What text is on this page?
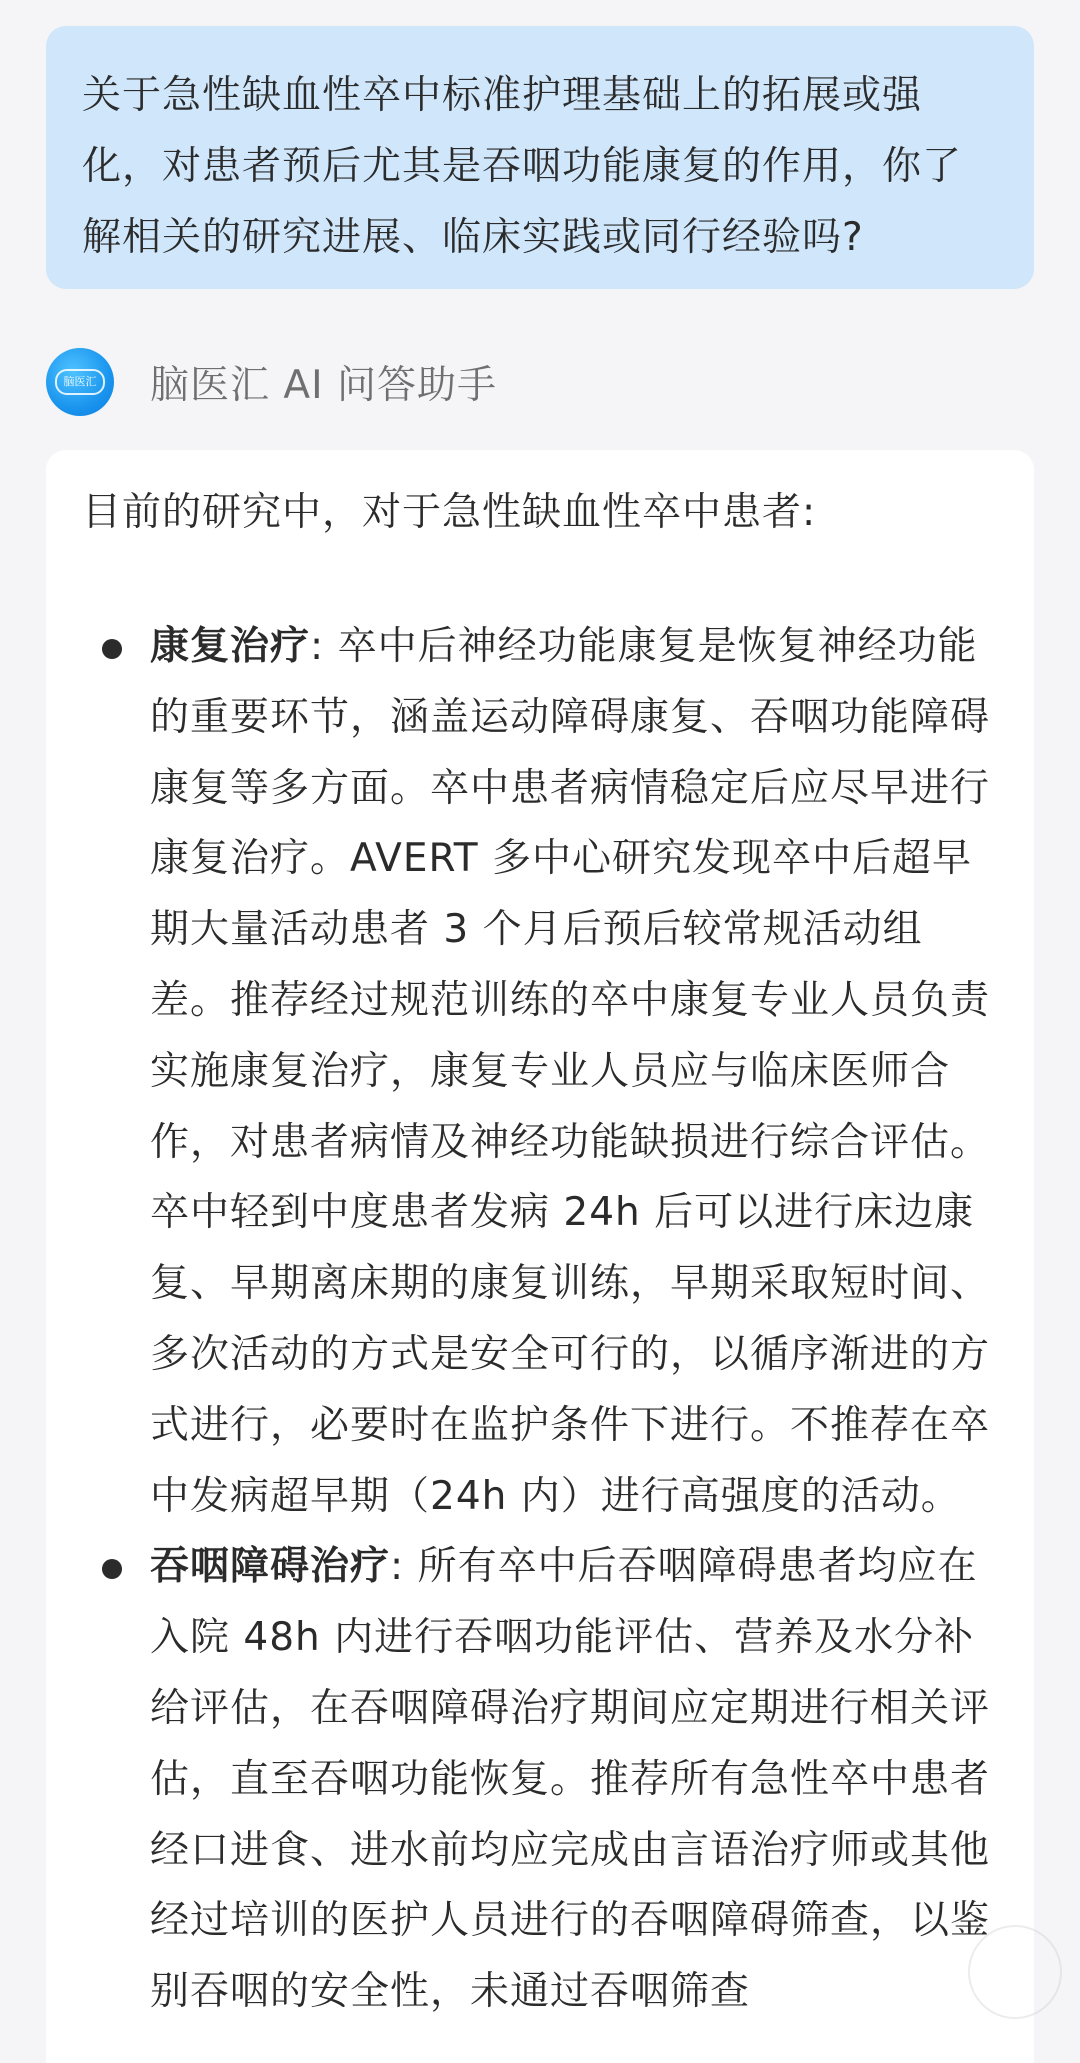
关于急性缺血性卒中标准护理基础上的拓展或强化，对患者预后尤其是吞咽功能康复的作用，你了解相关的研究进展、临床实践或同行经验吗?
脑医汇 脑医汇 AI 问答助手

目前的研究中，对于急性缺血性卒中患者:

康复治疗: 卒中后神经功能康复是恢复神经功能的重要环节，涵盖运动障碍康复、吞咽功能障碍康复等多方面。卒中患者病情稳定后应尽早进行康复治疗。AVERT 多中心研究发现卒中后超早期大量活动患者 3 个月后预后较常规活动组差。推荐经过规范训练的卒中康复专业人员负责实施康复治疗，康复专业人员应与临床医师合作，对患者病情及神经功能缺损进行综合评估。卒中轻到中度患者发病 24h 后可以进行床边康复、早期离床期的康复训练，早期采取短时间、多次活动的方式是安全可行的，以循序渐进的方式进行，必要时在监护条件下进行。不推荐在卒中发病超早期（24h 内）进行高强度的活动。
吞咽障碍治疗: 所有卒中后吞咽障碍患者均应在入院 48h 内进行吞咽功能评估、营养及水分补给评估，在吞咽障碍治疗期间应定期进行相关评估，直至吞咽功能恢复。推荐所有急性卒中患者经口进食、进水前均应完成由言语治疗师或其他经过培训的医护人员进行的吞咽障碍筛查，以鉴别吞咽的安全性，未通过吞咽筛查
